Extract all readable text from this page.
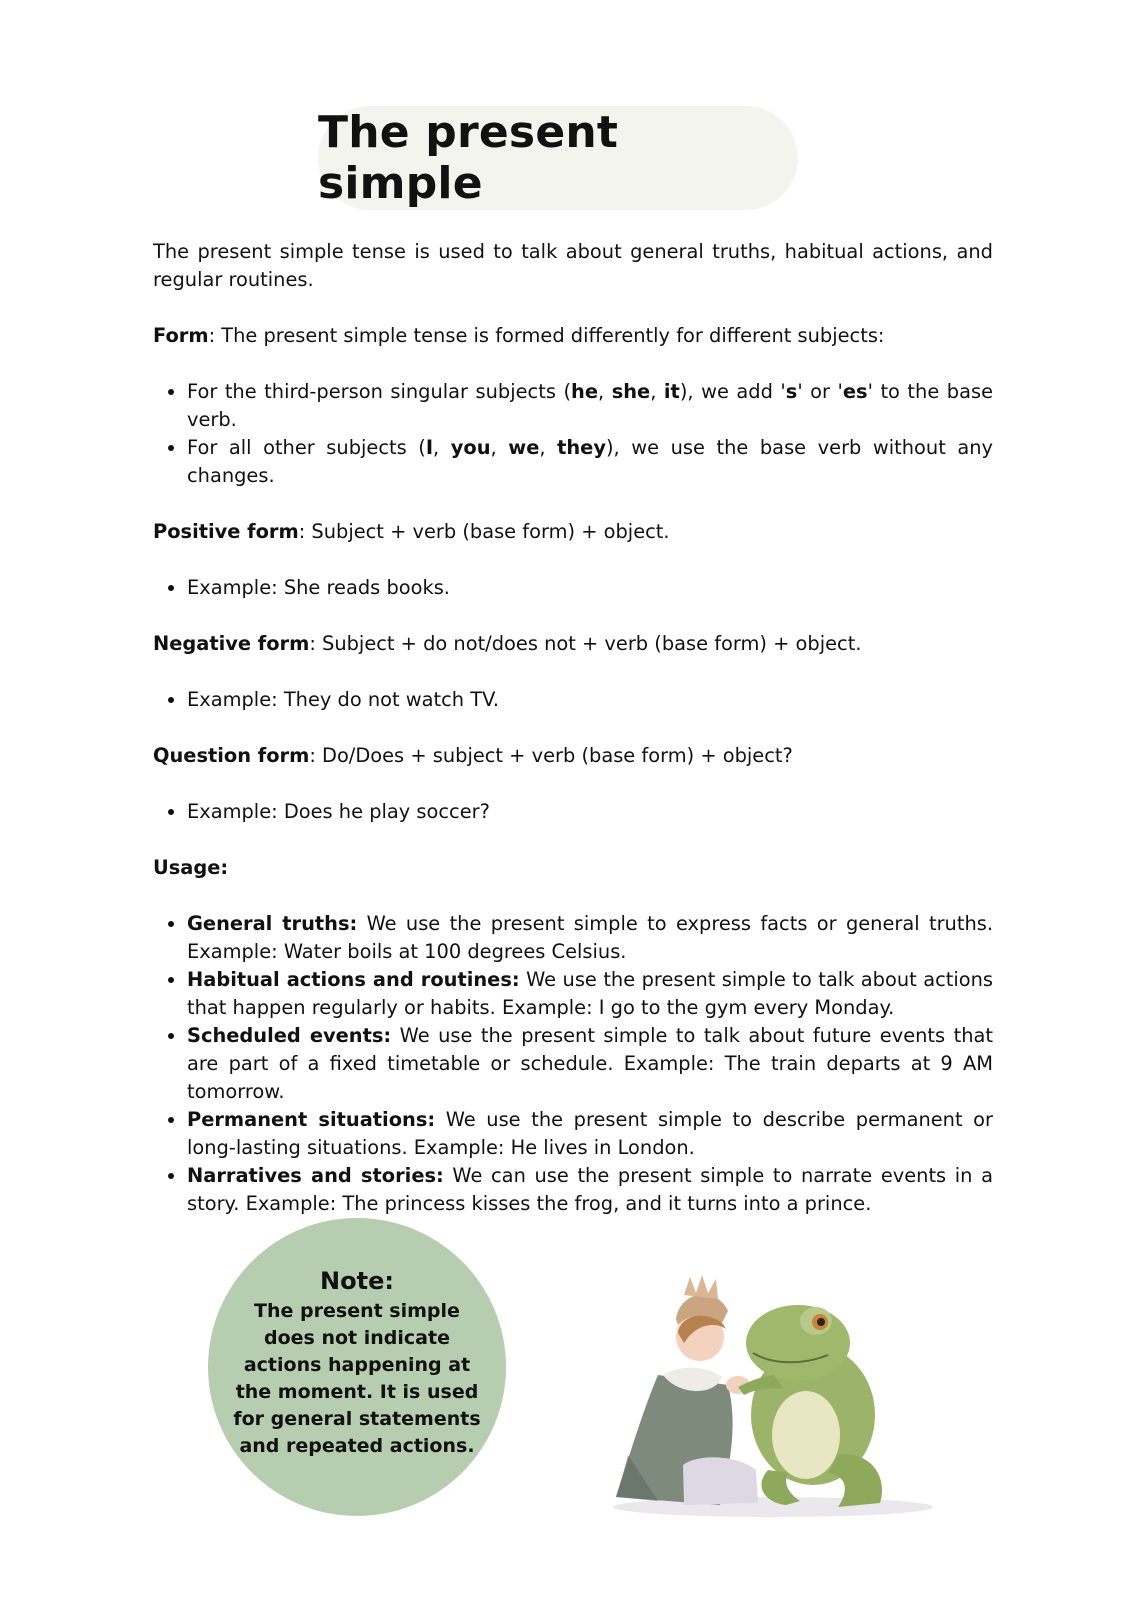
The present simple

The present simple tense is used to talk about general truths, habitual actions, and regular routines.

Form: The present simple tense is formed differently for different subjects:

• For the third-person singular subjects (he, she, it), we add 's' or 'es' to the base verb.
• For all other subjects (I, you, we, they), we use the base verb without any changes.

Positive form: Subject + verb (base form) + object.

• Example: She reads books.

Negative form: Subject + do not/does not + verb (base form) + object.

• Example: They do not watch TV.

Question form: Do/Does + subject + verb (base form) + object?

• Example: Does he play soccer?

Usage:

• General truths: We use the present simple to express facts or general truths. Example: Water boils at 100 degrees Celsius.
• Habitual actions and routines: We use the present simple to talk about actions that happen regularly or habits. Example: I go to the gym every Monday.
• Scheduled events: We use the present simple to talk about future events that are part of a fixed timetable or schedule. Example: The train departs at 9 AM tomorrow.
• Permanent situations: We use the present simple to describe permanent or long-lasting situations. Example: He lives in London.
• Narratives and stories: We can use the present simple to narrate events in a story. Example: The princess kisses the frog, and it turns into a prince.
Note:
The present simple does not indicate actions happening at the moment. It is used for general statements and repeated actions.
